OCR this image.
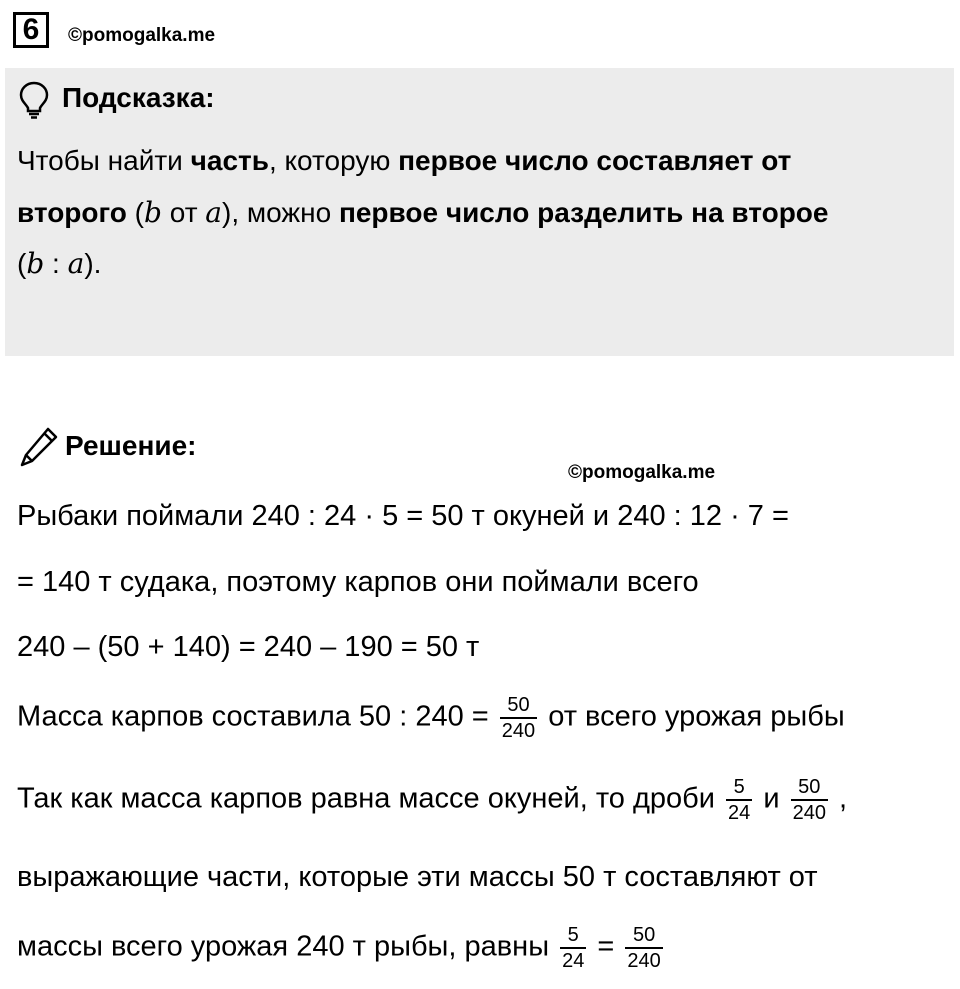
6	©pomogalka.me
Подсказка:
Чтобы найти часть, которую первое число составляет от
второго (b от a), можно первое число разделить на второе
(b : a).
Решение:
©pomogalka.me
Рыбаки поймали 240 : 24 · 5 = 50 т окуней и 240 : 12 · 7 =
= 140 т судака, поэтому карпов они поймали всего
240 – (50 + 140) = 240 – 190 = 50 т
Масса карпов составила 50 : $240 = \frac{50}{240}$ от всего урожая рыбы
Так как масса карпов равна массе окуней, то дроби $\frac{5}{24}$ и $\frac{50}{240}$ ,
выражающие части, которые эти массы 50 т составляют от
массы всего урожая 240 т рыбы, равны $\frac{5}{24} = \frac{50}{240}$
